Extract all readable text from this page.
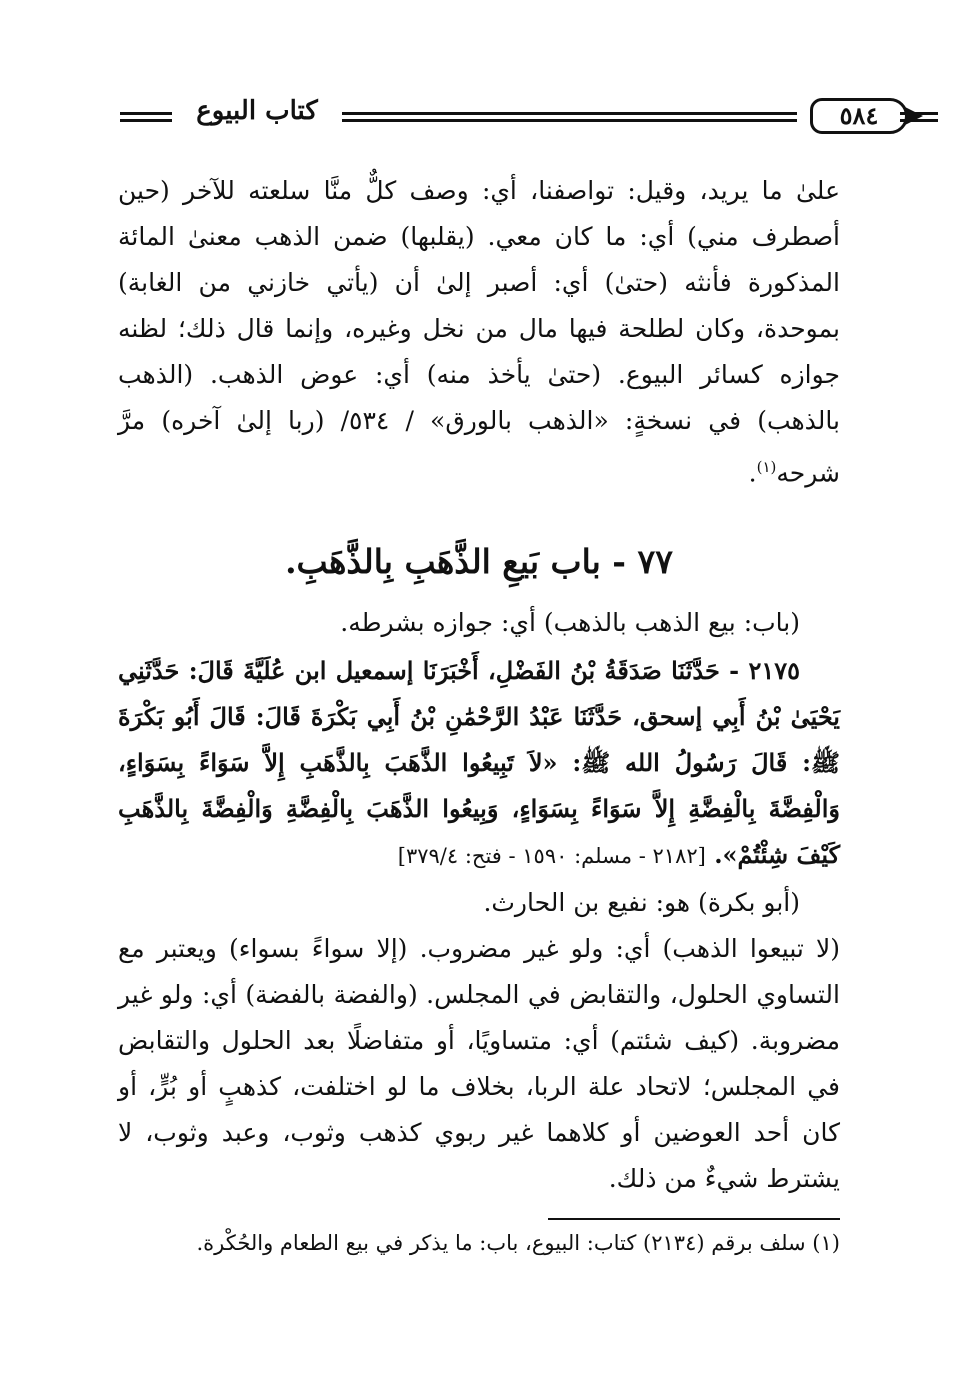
كتاب البيوع	٥٨٤
علىٰ ما يريد، وقيل: تواصفنا، أي: وصف كلٌّ منَّا سلعته للآخر (حين أصطرف مني) أي: ما كان معي. (يقلبها) ضمن الذهب معنىٰ المائة المذكورة فأنثه (حتىٰ) أي: أصبر إلىٰ أن (يأتي خازني من الغابة) بموحدة، وكان لطلحة فيها مال من نخل وغيره، وإنما قال ذلك؛ لظنه جوازه كسائر البيوع. (حتىٰ يأخذ منه) أي: عوض الذهب. (الذهب بالذهب) في نسخةٍ: «الذهب بالورق» / ٥٣٤/ (ربا إلىٰ آخره) مرَّ شرحه$^{(١)}$.
٧٧ - باب بَيعِ الذَّهَبِ بِالذَّهَبِ.
(باب: بيع الذهب بالذهب) أي: جوازه بشرطه.
٢١٧٥ - حَدَّثَنَا صَدَقَةُ بْنُ الفَضْلِ، أَخْبَرَنَا إسمعيل ابن عُلَيَّةَ قَالَ: حَدَّثَنِي يَحْيَىٰ بْنُ أَبِي إسحق، حَدَّثَنَا عَبْدُ الرَّحْمَٰنِ بْنُ أَبِي بَكْرَةَ قَالَ: قَالَ أَبُو بَكْرَةَ ﷺ: قَالَ رَسُولُ الله ﷺ: «لاَ تَبِيعُوا الذَّهَبَ بِالذَّهَبِ إِلاَّ سَوَاءً بِسَوَاءٍ، وَالْفِضَّةَ بِالْفِضَّةِ إِلاَّ سَوَاءً بِسَوَاءٍ، وَبِيعُوا الذَّهَبَ بِالْفِضَّةِ وَالْفِضَّةَ بِالذَّهَبِ كَيْفَ شِئْتُمْ». [٢١٨٢ - مسلم: ١٥٩٠ - فتح: ٣٧٩/٤]
(أبو بكرة) هو: نفيع بن الحارث.
(لا تبيعوا الذهب) أي: ولو غير مضروب. (إلا سواءً بسواء) ويعتبر مع التساوي الحلول، والتقابض في المجلس. (والفضة بالفضة) أي: ولو غير مضروبة. (كيف شئتم) أي: متساويًا، أو متفاضلًا بعد الحلول والتقابض في المجلس؛ لاتحاد علة الربا، بخلاف ما لو اختلفت، كذهبٍ أو بُرٍّ، أو كان أحد العوضين أو كلاهما غير ربوي كذهب وثوب، وعبد وثوب، لا يشترط شيءٌ من ذلك.
(١) سلف برقم (٢١٣٤) كتاب: البيوع، باب: ما يذكر في بيع الطعام والحُكْرة.
